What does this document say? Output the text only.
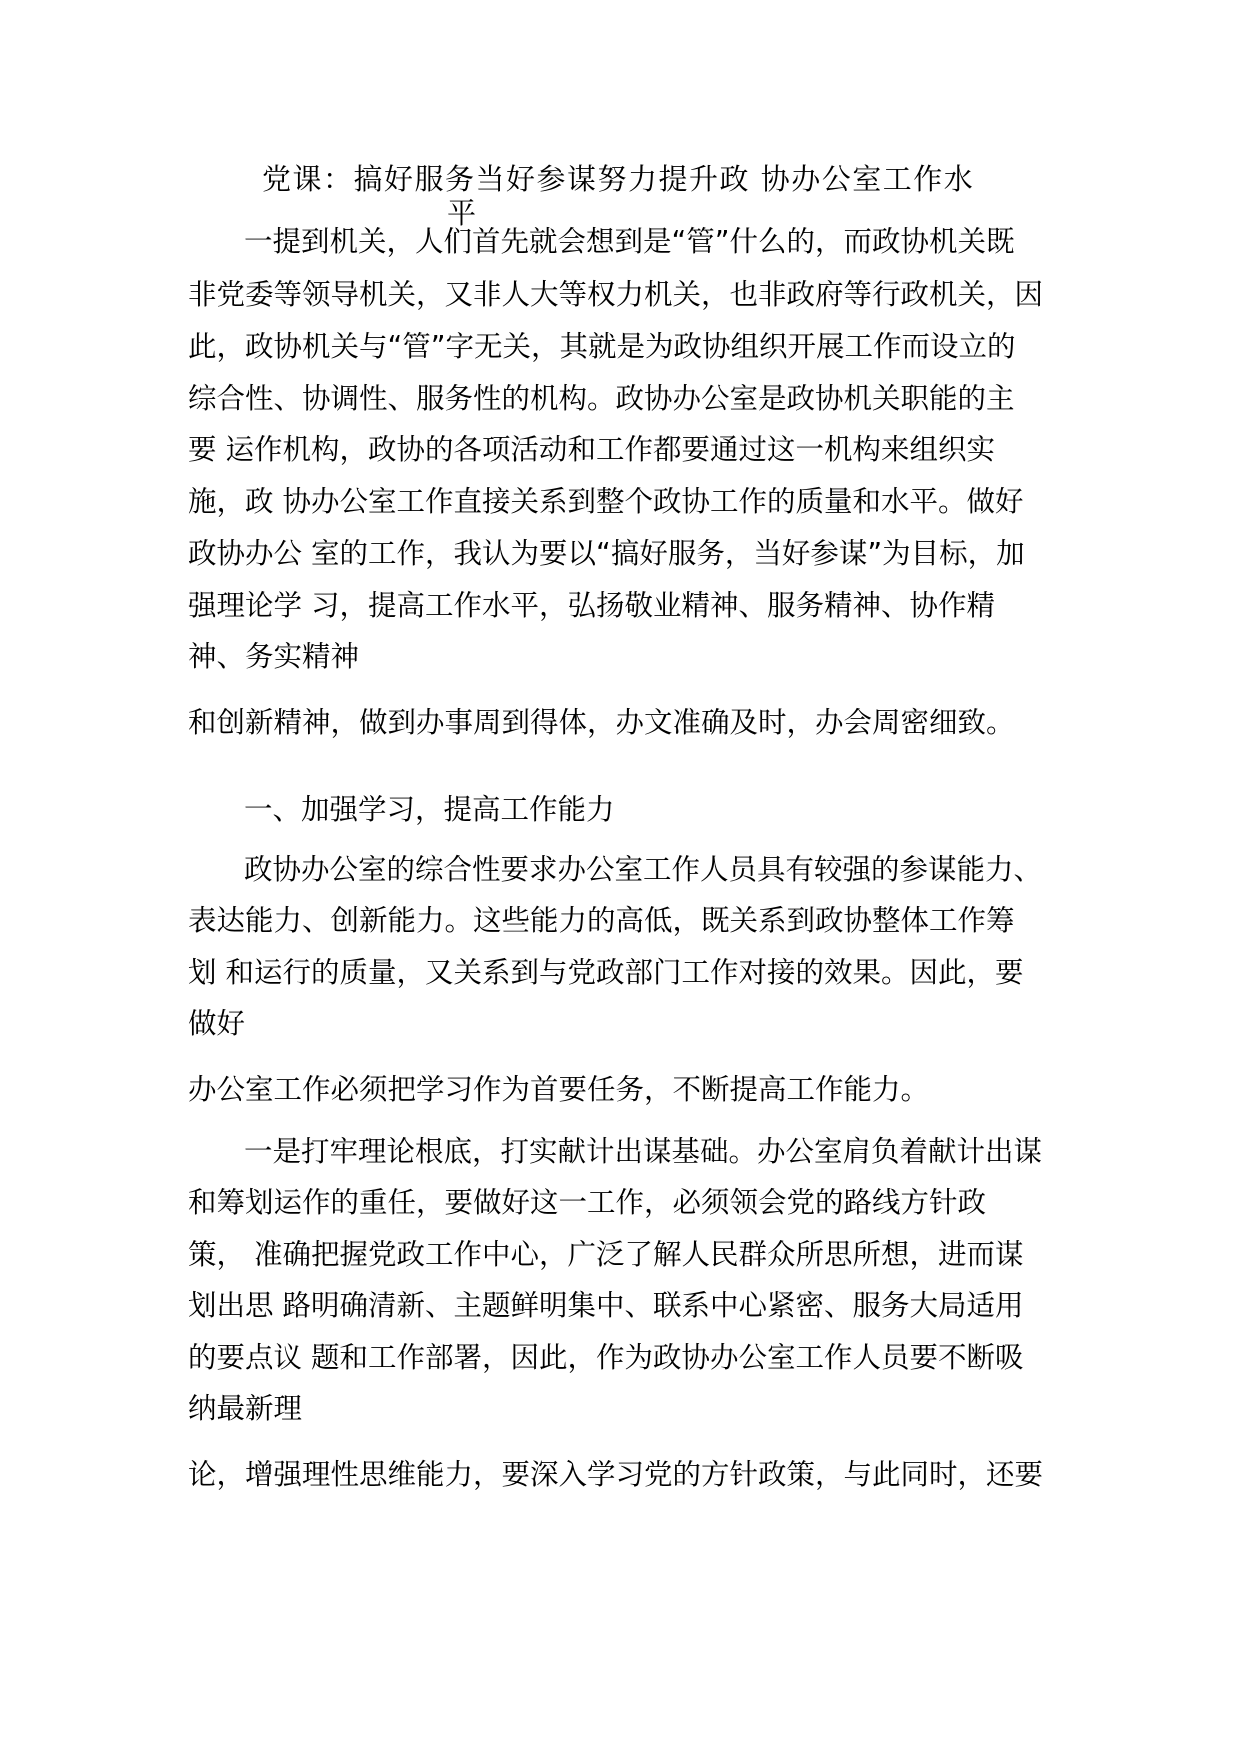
党课：搞好服务当好参谋努力提升政 协办公室工作水
平
一提到机关，人们首先就会想到是“管”什么的，而政协机关既
非党委等领导机关，又非人大等权力机关，也非政府等行政机关，因
此，政协机关与“管”字无关，其就是为政协组织开展工作而设立的
综合性、协调性、服务性的机构。政协办公室是政协机关职能的主
要 运作机构，政协的各项活动和工作都要通过这一机构来组织实
施，政 协办公室工作直接关系到整个政协工作的质量和水平。做好
政协办公 室的工作，我认为要以“搞好服务，当好参谋”为目标，加
强理论学 习，提高工作水平，弘扬敬业精神、服务精神、协作精
神、务实精神
和创新精神，做到办事周到得体，办文准确及时，办会周密细致。
一、加强学习，提高工作能力
政协办公室的综合性要求办公室工作人员具有较强的参谋能力、
表达能力、创新能力。这些能力的高低，既关系到政协整体工作筹
划 和运行的质量，又关系到与党政部门工作对接的效果。因此，要
做好
办公室工作必须把学习作为首要任务，不断提高工作能力。
一是打牢理论根底，打实献计出谋基础。办公室肩负着献计出谋
和筹划运作的重任，要做好这一工作，必须领会党的路线方针政
策， 准确把握党政工作中心，广泛了解人民群众所思所想，进而谋
划出思 路明确清新、主题鲜明集中、联系中心紧密、服务大局适用
的要点议 题和工作部署，因此，作为政协办公室工作人员要不断吸
纳最新理
论，增强理性思维能力，要深入学习党的方针政策，与此同时，还要
